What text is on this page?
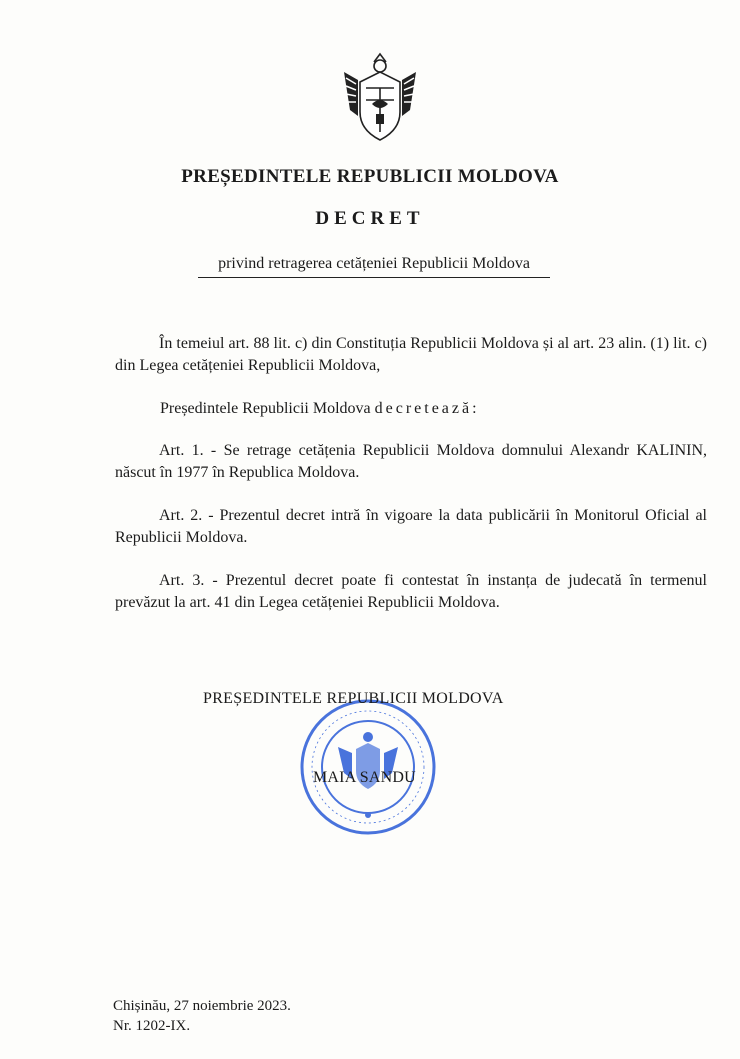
PREȘEDINTELE REPUBLICII MOLDOVA
DECRET
privind retragerea cetățeniei Republicii Moldova
În temeiul art. 88 lit. c) din Constituția Republicii Moldova și al art. 23 alin. (1) lit. c) din Legea cetățeniei Republicii Moldova,
Președintele Republicii Moldova decretează:
Art. 1. - Se retrage cetățenia Republicii Moldova domnului Alexandr KALININ, născut în 1977 în Republica Moldova.
Art. 2. - Prezentul decret intră în vigoare la data publicării în Monitorul Oficial al Republicii Moldova.
Art. 3. - Prezentul decret poate fi contestat în instanța de judecată în termenul prevăzut la art. 41 din Legea cetățeniei Republicii Moldova.
PREȘEDINTELE REPUBLICII MOLDOVA
MAIA SANDU
Chișinău, 27 noiembrie 2023.
Nr. 1202-IX.
